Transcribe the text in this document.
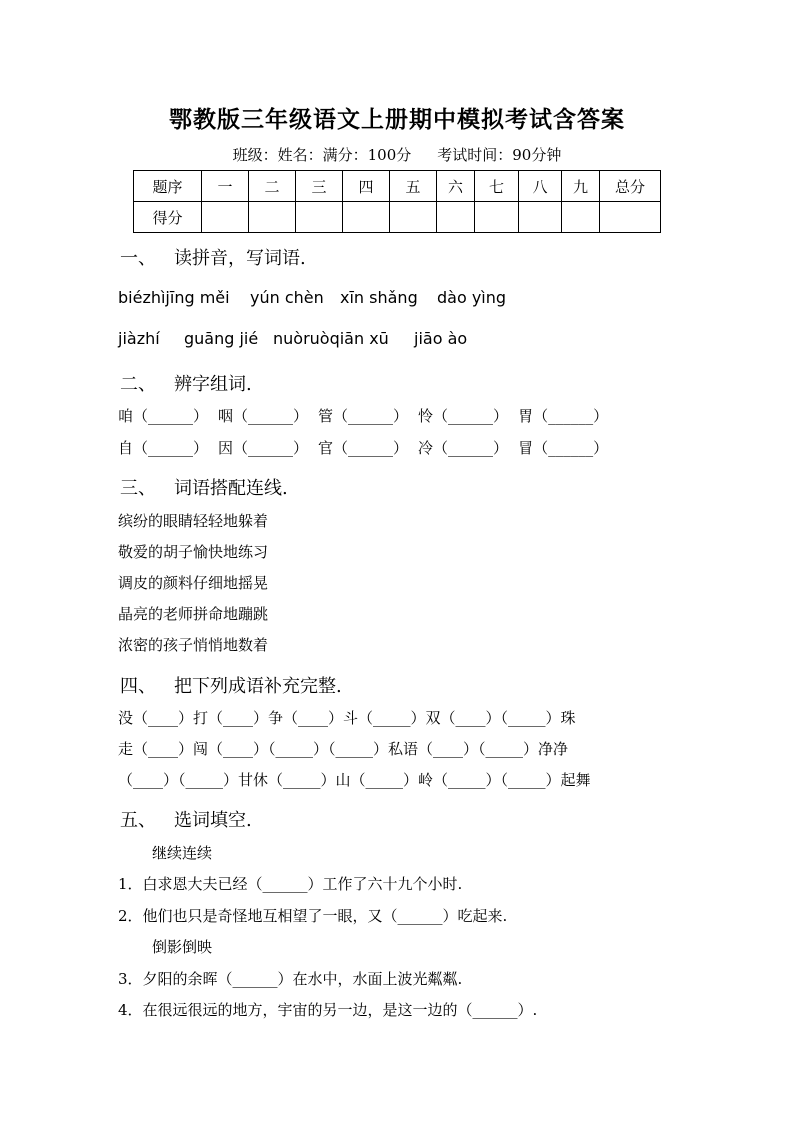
鄂教版三年级语文上册期中模拟考试含答案
班级：姓名：满分：100分 考试时间：90分钟
题序	一	二	三	四	五	六	七	八	九	总分
得分										
一、 读拼音，写词语.
biézhìjīng měi yún chèn xīn shǎng dào yìng
jiàzhí guāng jié nuòruòqiān xū jiāo ào
二、 辨字组词.
咱（______） 咽（______） 管（______） 怜（______） 胃（______）
自（______） 因（______） 官（______） 冷（______） 冒（______）
三、 词语搭配连线.
缤纷的眼睛轻轻地躲着
敬爱的胡子愉快地练习
调皮的颜料仔细地摇晃
晶亮的老师拼命地蹦跳
浓密的孩子悄悄地数着
四、 把下列成语补充完整.
没（____）打（____）争（____）斗（_____）双（____）（_____）珠
走（____）闯（____）（_____）（_____）私语（____）（_____）净净
（____）（_____）甘休（_____）山（_____）岭（_____）（_____）起舞
五、 选词填空.
继续连续
1．白求恩大夫已经（______）工作了六十九个小时.
2．他们也只是奇怪地互相望了一眼，又（______）吃起来.
倒影倒映
3．夕阳的余晖（______）在水中，水面上波光粼粼.
4．在很远很远的地方，宇宙的另一边，是这一边的（______）.
